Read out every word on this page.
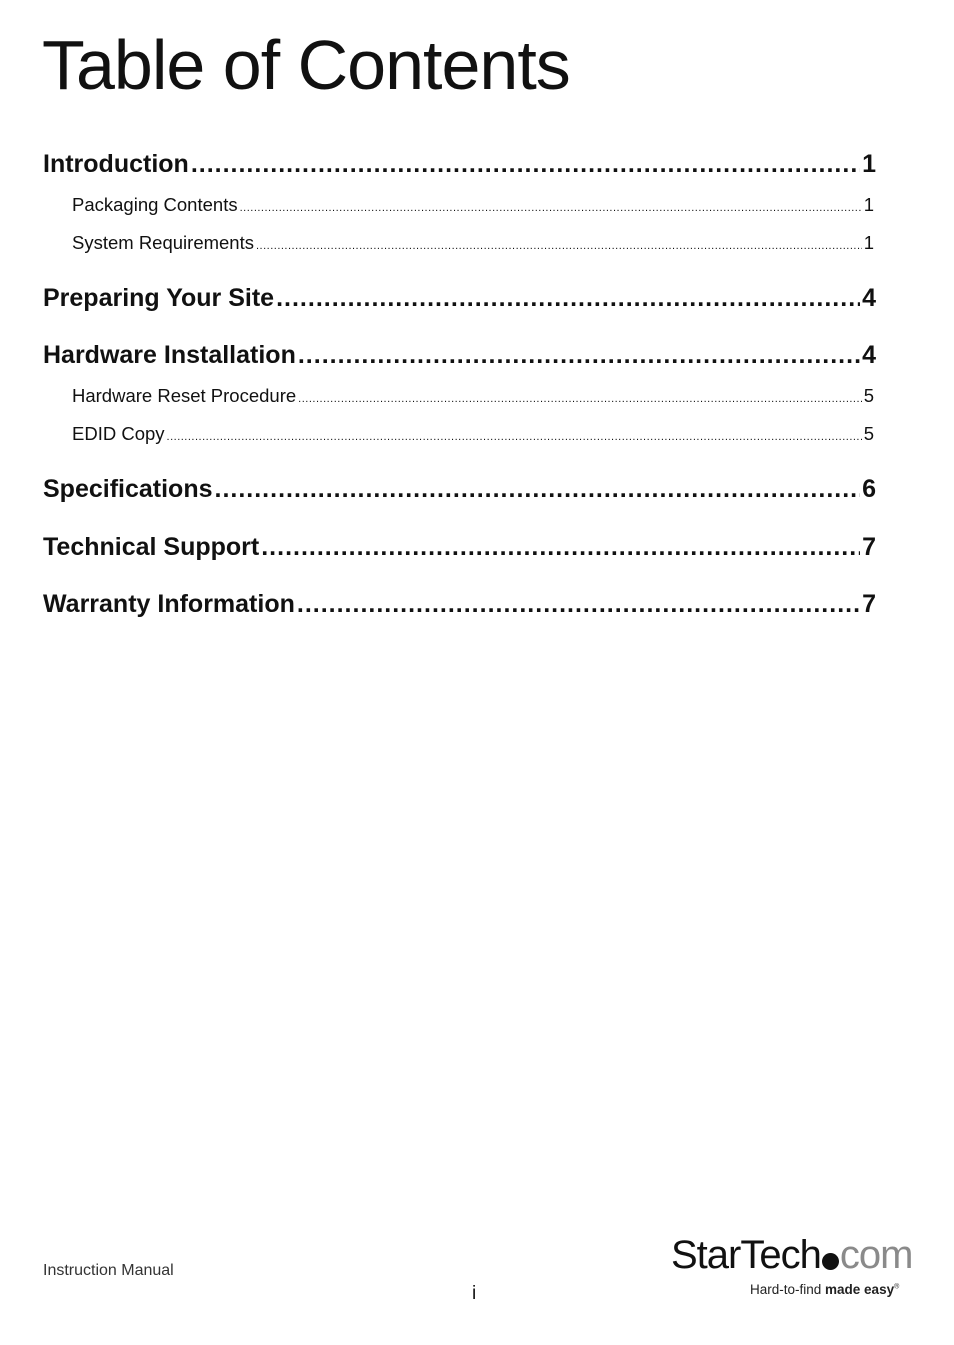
Table of Contents
Introduction .....	1
Packaging Contents .....	1
System Requirements .....	1
Preparing Your Site .....	4
Hardware Installation .....	4
Hardware Reset Procedure .....	5
EDID Copy .....	5
Specifications .....	6
Technical Support .....	7
Warranty Information .....	7
Instruction Manual
i
StarTech com
Hard-to-find made easy®
